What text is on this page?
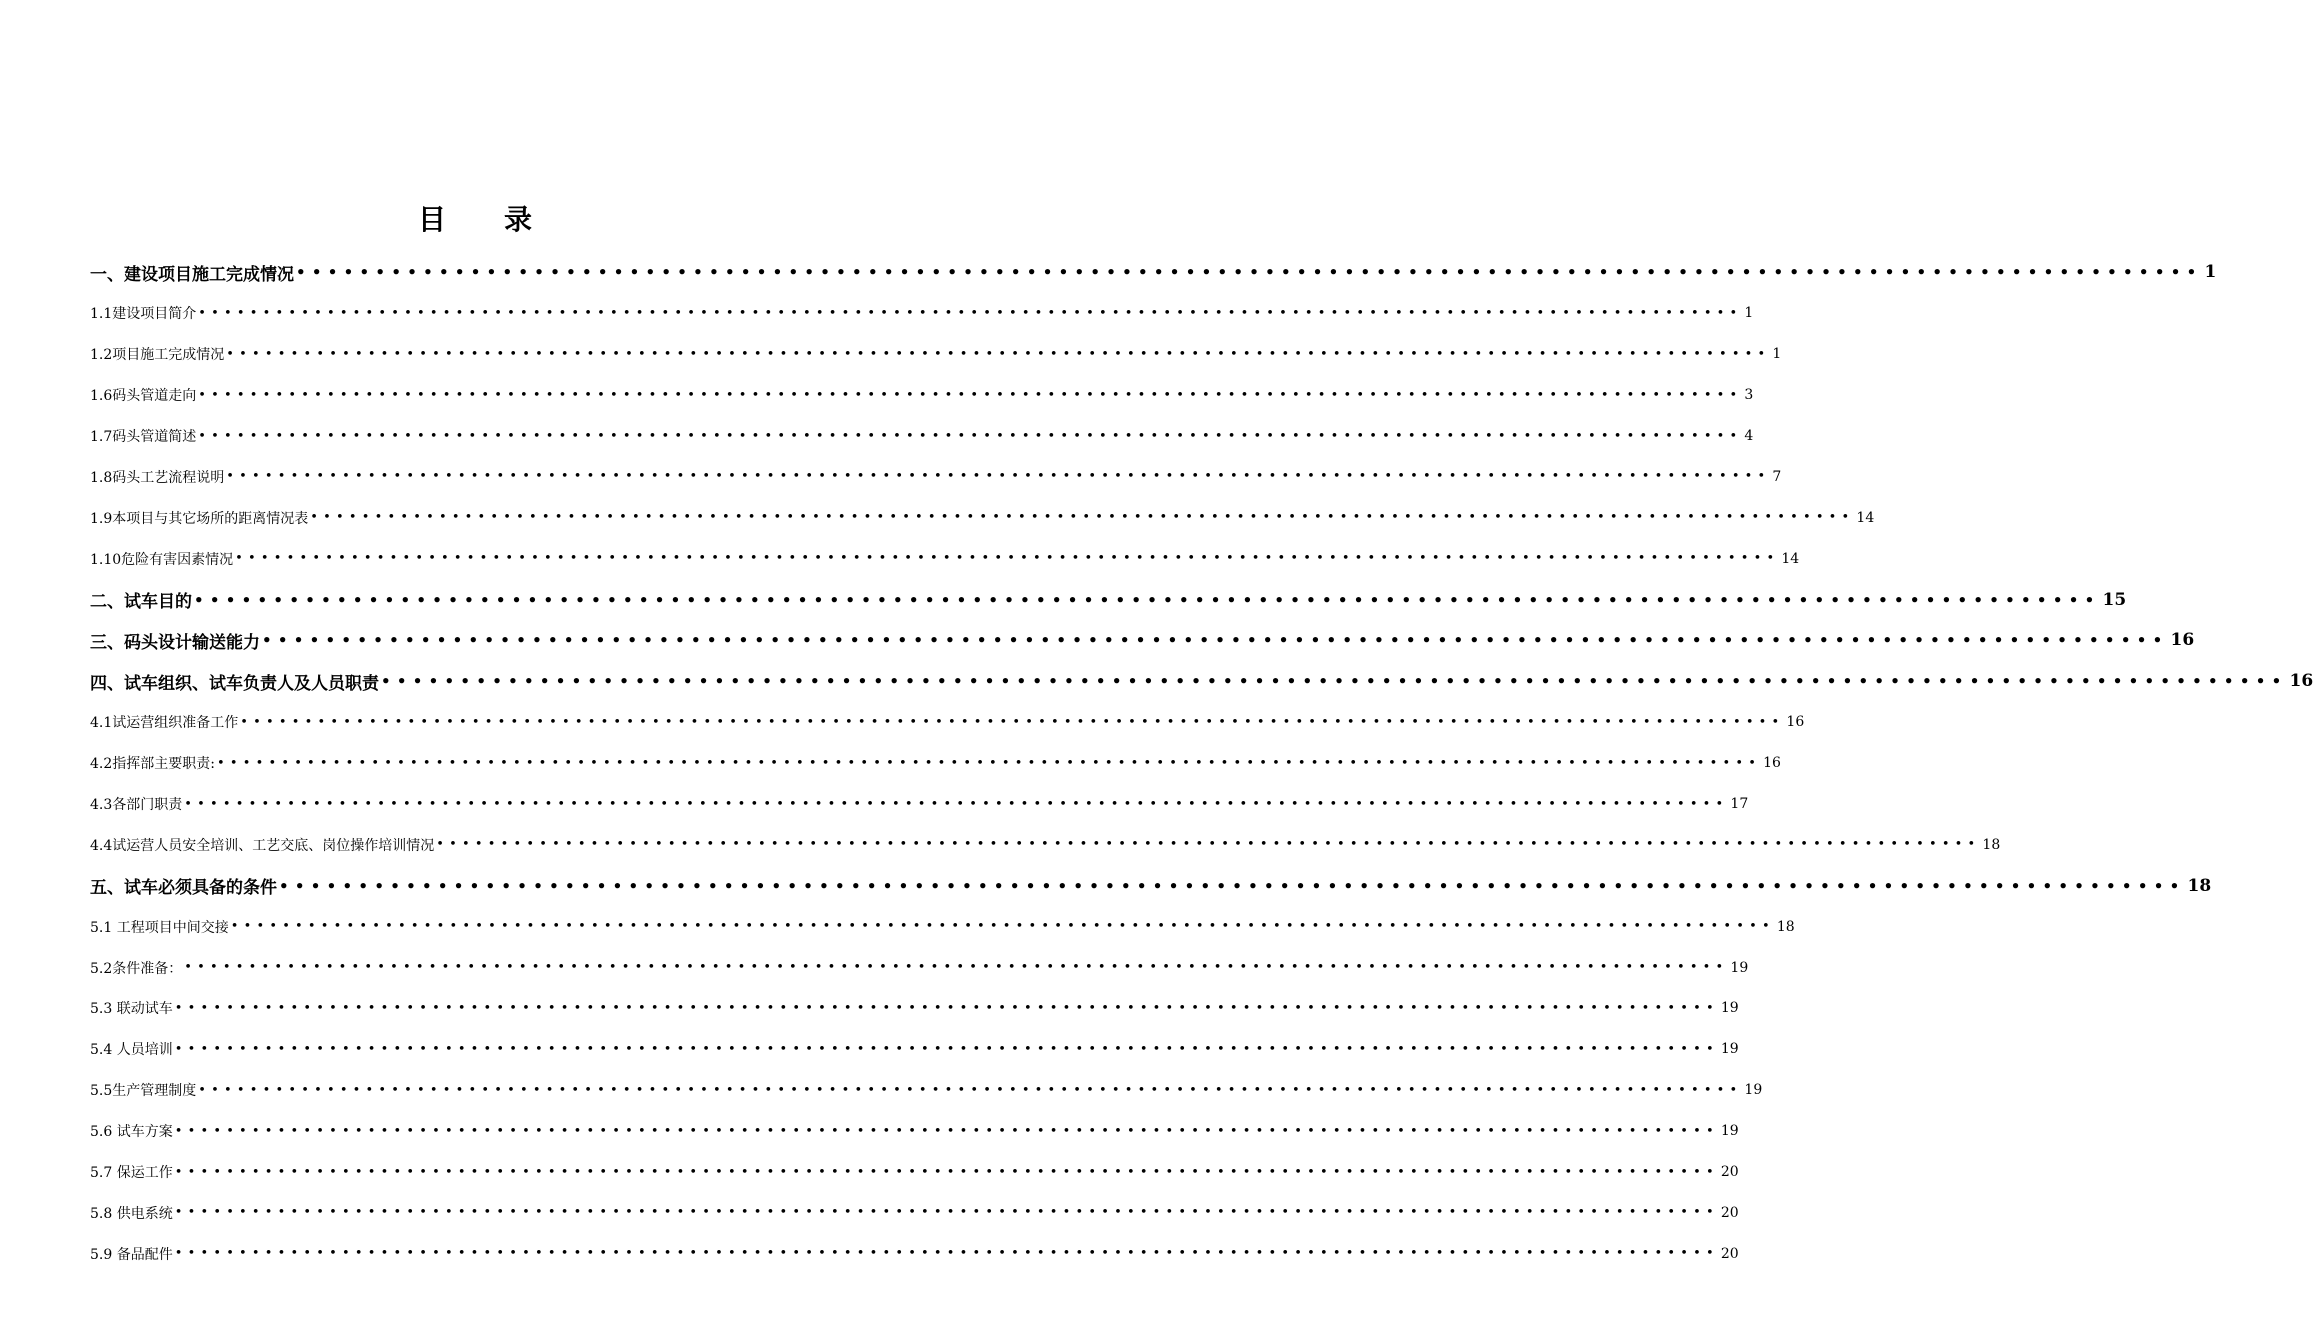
目 录
一、建设项目施工完成情况 •••••••••••••••••••••••••••••••••••••••••••••••••••••••••••••••••••••••••••••••••••••••••••••••••••••••••••••••••••••••• 1
1.1建设项目简介 •••••••••••••••••••••••••••••••••••••••••••••••••••••••••••••••••••••••••••••••••••••••••••••••••••••••••••••••••••••••• 1
1.2项目施工完成情况 •••••••••••••••••••••••••••••••••••••••••••••••••••••••••••••••••••••••••••••••••••••••••••••••••••••••••••••••••••••••• 1
1.6码头管道走向 •••••••••••••••••••••••••••••••••••••••••••••••••••••••••••••••••••••••••••••••••••••••••••••••••••••••••••••••••••••••• 3
1.7码头管道简述 •••••••••••••••••••••••••••••••••••••••••••••••••••••••••••••••••••••••••••••••••••••••••••••••••••••••••••••••••••••••• 4
1.8码头工艺流程说明 •••••••••••••••••••••••••••••••••••••••••••••••••••••••••••••••••••••••••••••••••••••••••••••••••••••••••••••••••••••••• 7
1.9本项目与其它场所的距离情况表 •••••••••••••••••••••••••••••••••••••••••••••••••••••••••••••••••••••••••••••••••••••••••••••••••••••••••••••••••••••••• 14
1.10危险有害因素情况 •••••••••••••••••••••••••••••••••••••••••••••••••••••••••••••••••••••••••••••••••••••••••••••••••••••••••••••••••••••••• 14
二、试车目的 •••••••••••••••••••••••••••••••••••••••••••••••••••••••••••••••••••••••••••••••••••••••••••••••••••••••••••••••••••••••• 15
三、码头设计输送能力 •••••••••••••••••••••••••••••••••••••••••••••••••••••••••••••••••••••••••••••••••••••••••••••••••••••••••••••••••••••••• 16
四、试车组织、试车负责人及人员职责 •••••••••••••••••••••••••••••••••••••••••••••••••••••••••••••••••••••••••••••••••••••••••••••••••••••••••••••••••••••••• 16
4.1试运营组织准备工作 •••••••••••••••••••••••••••••••••••••••••••••••••••••••••••••••••••••••••••••••••••••••••••••••••••••••••••••••••••••••• 16
4.2指挥部主要职责: •••••••••••••••••••••••••••••••••••••••••••••••••••••••••••••••••••••••••••••••••••••••••••••••••••••••••••••••••••••••• 16
4.3各部门职责 •••••••••••••••••••••••••••••••••••••••••••••••••••••••••••••••••••••••••••••••••••••••••••••••••••••••••••••••••••••••• 17
4.4试运营人员安全培训、工艺交底、岗位操作培训情况 •••••••••••••••••••••••••••••••••••••••••••••••••••••••••••••••••••••••••••••••••••••••••••••••••••••••••••••••••••••••• 18
五、试车必须具备的条件 •••••••••••••••••••••••••••••••••••••••••••••••••••••••••••••••••••••••••••••••••••••••••••••••••••••••••••••••••••••••• 18
5.1 工程项目中间交接 •••••••••••••••••••••••••••••••••••••••••••••••••••••••••••••••••••••••••••••••••••••••••••••••••••••••••••••••••••••••• 18
5.2条件准备： •••••••••••••••••••••••••••••••••••••••••••••••••••••••••••••••••••••••••••••••••••••••••••••••••••••••••••••••••••••••• 19
5.3 联动试车 •••••••••••••••••••••••••••••••••••••••••••••••••••••••••••••••••••••••••••••••••••••••••••••••••••••••••••••••••••••••• 19
5.4 人员培训 •••••••••••••••••••••••••••••••••••••••••••••••••••••••••••••••••••••••••••••••••••••••••••••••••••••••••••••••••••••••• 19
5.5生产管理制度 •••••••••••••••••••••••••••••••••••••••••••••••••••••••••••••••••••••••••••••••••••••••••••••••••••••••••••••••••••••••• 19
5.6 试车方案 •••••••••••••••••••••••••••••••••••••••••••••••••••••••••••••••••••••••••••••••••••••••••••••••••••••••••••••••••••••••• 19
5.7 保运工作 •••••••••••••••••••••••••••••••••••••••••••••••••••••••••••••••••••••••••••••••••••••••••••••••••••••••••••••••••••••••• 20
5.8 供电系统 •••••••••••••••••••••••••••••••••••••••••••••••••••••••••••••••••••••••••••••••••••••••••••••••••••••••••••••••••••••••• 20
5.9 备品配件 •••••••••••••••••••••••••••••••••••••••••••••••••••••••••••••••••••••••••••••••••••••••••••••••••••••••••••••••••••••••• 20
